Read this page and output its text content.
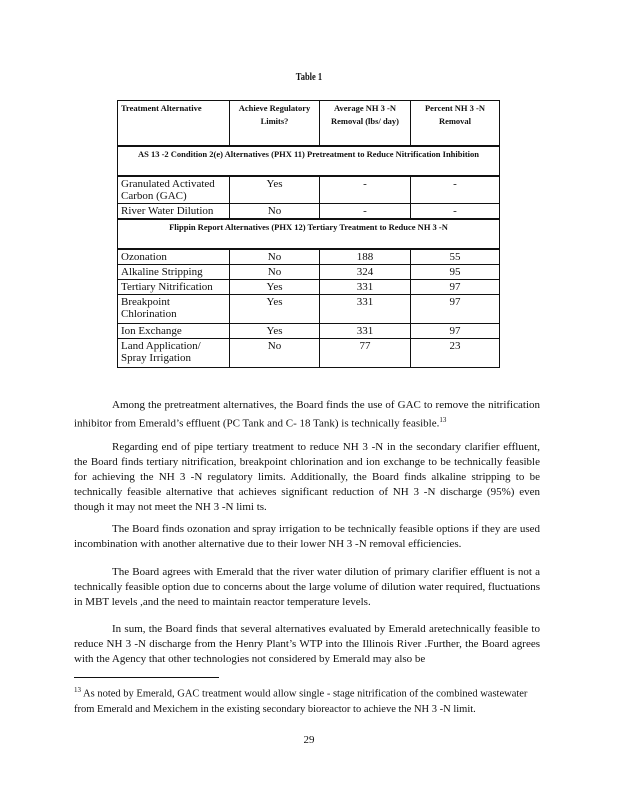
Table 1
Treatment Alternative	Achieve Regulatory Limits?	Average NH 3 -N Removal (lbs/ day)	Percent NH 3 -N Removal
AS 13 -2 Condition 2(e) Alternatives (PHX 11) Pretreatment to Reduce Nitrification Inhibition			
Granulated Activated Carbon (GAC)	Yes	-	-
River Water Dilution	No	-	-
Flippin Report Alternatives (PHX 12) Tertiary Treatment to Reduce NH 3 -N			
Ozonation	No	188	55
Alkaline Stripping	No	324	95
Tertiary Nitrification	Yes	331	97
Breakpoint Chlorination	Yes	331	97
Ion Exchange	Yes	331	97
Land Application/ Spray Irrigation	No	77	23

Among the pretreatment alternatives, the Board finds the use of GAC to remove the nitrification inhibitor from Emerald’s effluent (PC Tank and C- 18 Tank) is technically feasible.$^{13}$

Regarding end of pipe tertiary treatment to reduce NH 3 -N in the secondary clarifier effluent, the Board finds tertiary nitrification, breakpoint chlorination and ion exchange to be technically feasible for achieving the NH 3 -N regulatory limits. Additionally, the Board finds alkaline stripping to be technically feasible alternative that achieves significant reduction of NH 3 -N discharge (95%) even though it may not meet the NH 3 -N limi ts.

The Board finds ozonation and spray irrigation to be technically feasible options if they are used incombination with another alternative due to their lower NH 3 -N removal efficiencies.

The Board agrees with Emerald that the river water dilution of primary clarifier effluent is not a technically feasible option due to concerns about the large volume of dilution water required, fluctuations in MBT levels ,and the need to maintain reactor temperature levels.

In sum, the Board finds that several alternatives evaluated by Emerald aretechnically feasible to reduce NH 3 -N discharge from the Henry Plant’s WTP into the Illinois River .Further, the Board agrees with the Agency that other technologies not considered by Emerald may also be

$^{13}$ As noted by Emerald, GAC treatment would allow single - stage nitrification of the combined wastewater from Emerald and Mexichem in the existing secondary bioreactor to achieve the NH 3 -N limit.
29
